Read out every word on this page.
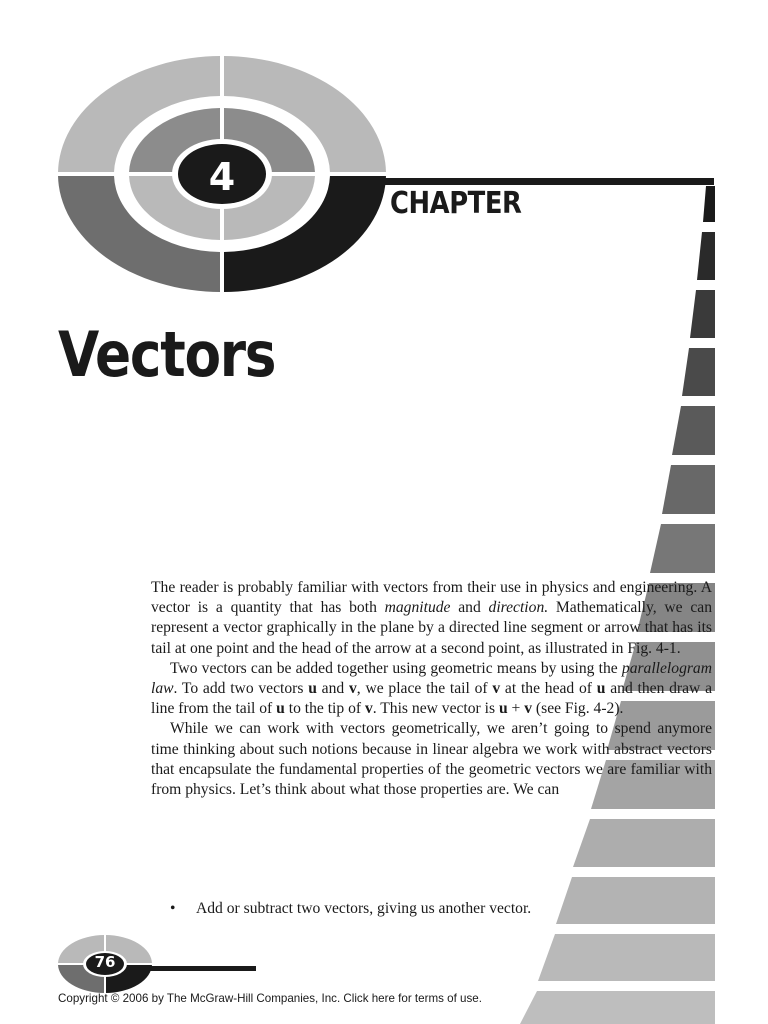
4
CHAPTER
Vectors

The reader is probably familiar with vectors from their use in physics and engineering. A vector is a quantity that has both magnitude and direction. Mathematically, we can represent a vector graphically in the plane by a directed line segment or arrow that has its tail at one point and the head of the arrow at a second point, as illustrated in Fig. 4-1.

Two vectors can be added together using geometric means by using the parallelogram law. To add two vectors u and v, we place the tail of v at the head of u and then draw a line from the tail of u to the tip of v. This new vector is u + v (see Fig. 4-2).

While we can work with vectors geometrically, we aren’t going to spend anymore time thinking about such notions because in linear algebra we work with abstract vectors that encapsulate the fundamental properties of the geometric vectors we are familiar with from physics. Let’s think about what those properties are. We can

• Add or subtract two vectors, giving us another vector.
76
Copyright © 2006 by The McGraw-Hill Companies, Inc. Click here for terms of use.
